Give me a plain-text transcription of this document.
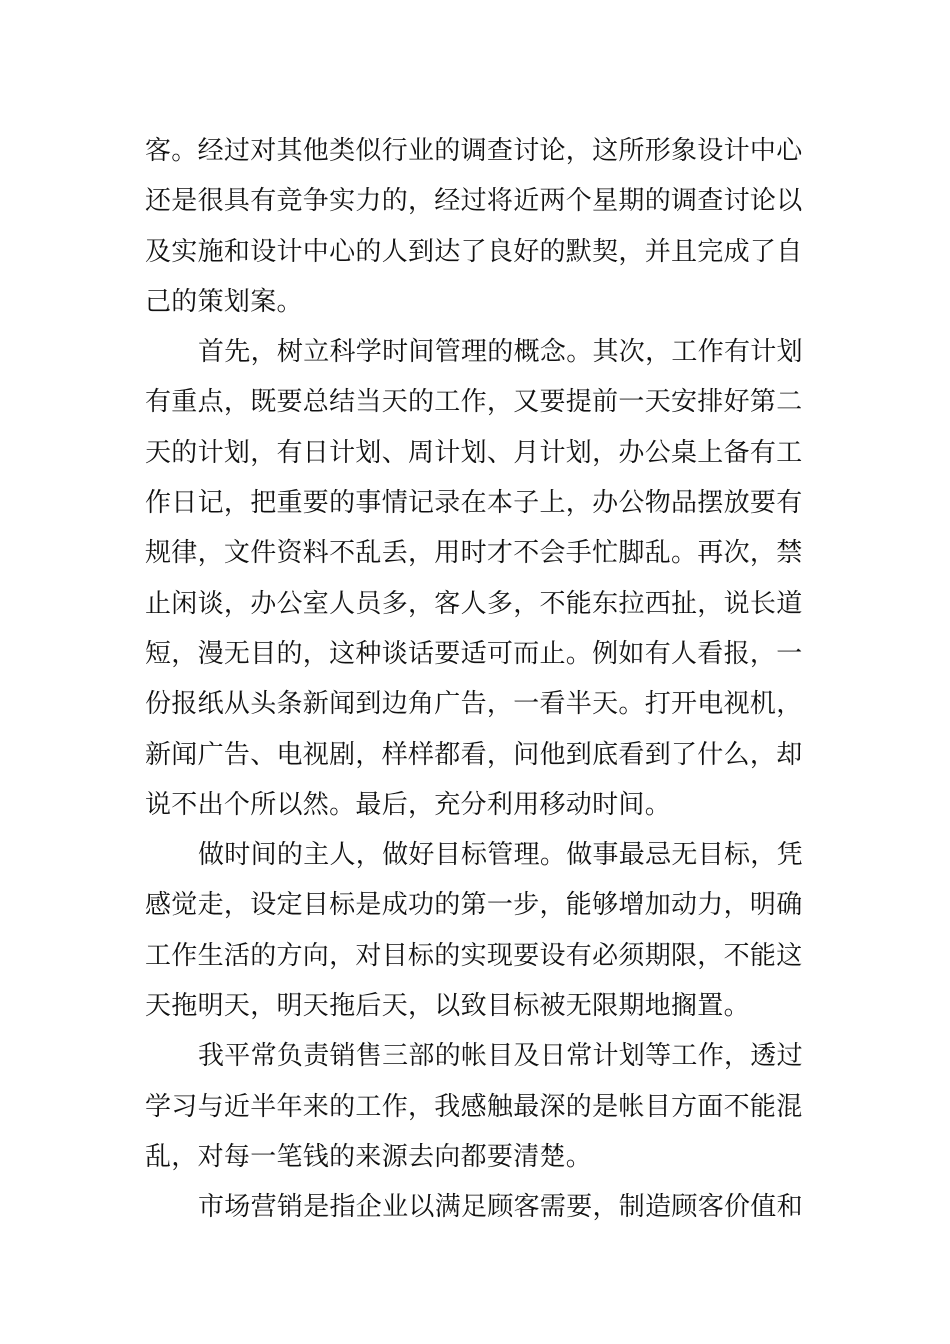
客。经过对其他类似行业的调查讨论，这所形象设计中心
还是很具有竞争实力的，经过将近两个星期的调查讨论以
及实施和设计中心的人到达了良好的默契，并且完成了自
己的策划案。
首先，树立科学时间管理的概念。其次，工作有计划
有重点，既要总结当天的工作，又要提前一天安排好第二
天的计划，有日计划、周计划、月计划，办公桌上备有工
作日记，把重要的事情记录在本子上，办公物品摆放要有
规律，文件资料不乱丢，用时才不会手忙脚乱。再次，禁
止闲谈，办公室人员多，客人多，不能东拉西扯，说长道
短，漫无目的，这种谈话要适可而止。例如有人看报，一
份报纸从头条新闻到边角广告，一看半天。打开电视机，
新闻广告、电视剧，样样都看，问他到底看到了什么，却
说不出个所以然。最后，充分利用移动时间。
做时间的主人，做好目标管理。做事最忌无目标，凭
感觉走，设定目标是成功的第一步，能够增加动力，明确
工作生活的方向，对目标的实现要设有必须期限，不能这
天拖明天，明天拖后天，以致目标被无限期地搁置。
我平常负责销售三部的帐目及日常计划等工作，透过
学习与近半年来的工作，我感触最深的是帐目方面不能混
乱，对每一笔钱的来源去向都要清楚。
市场营销是指企业以满足顾客需要，制造顾客价值和
